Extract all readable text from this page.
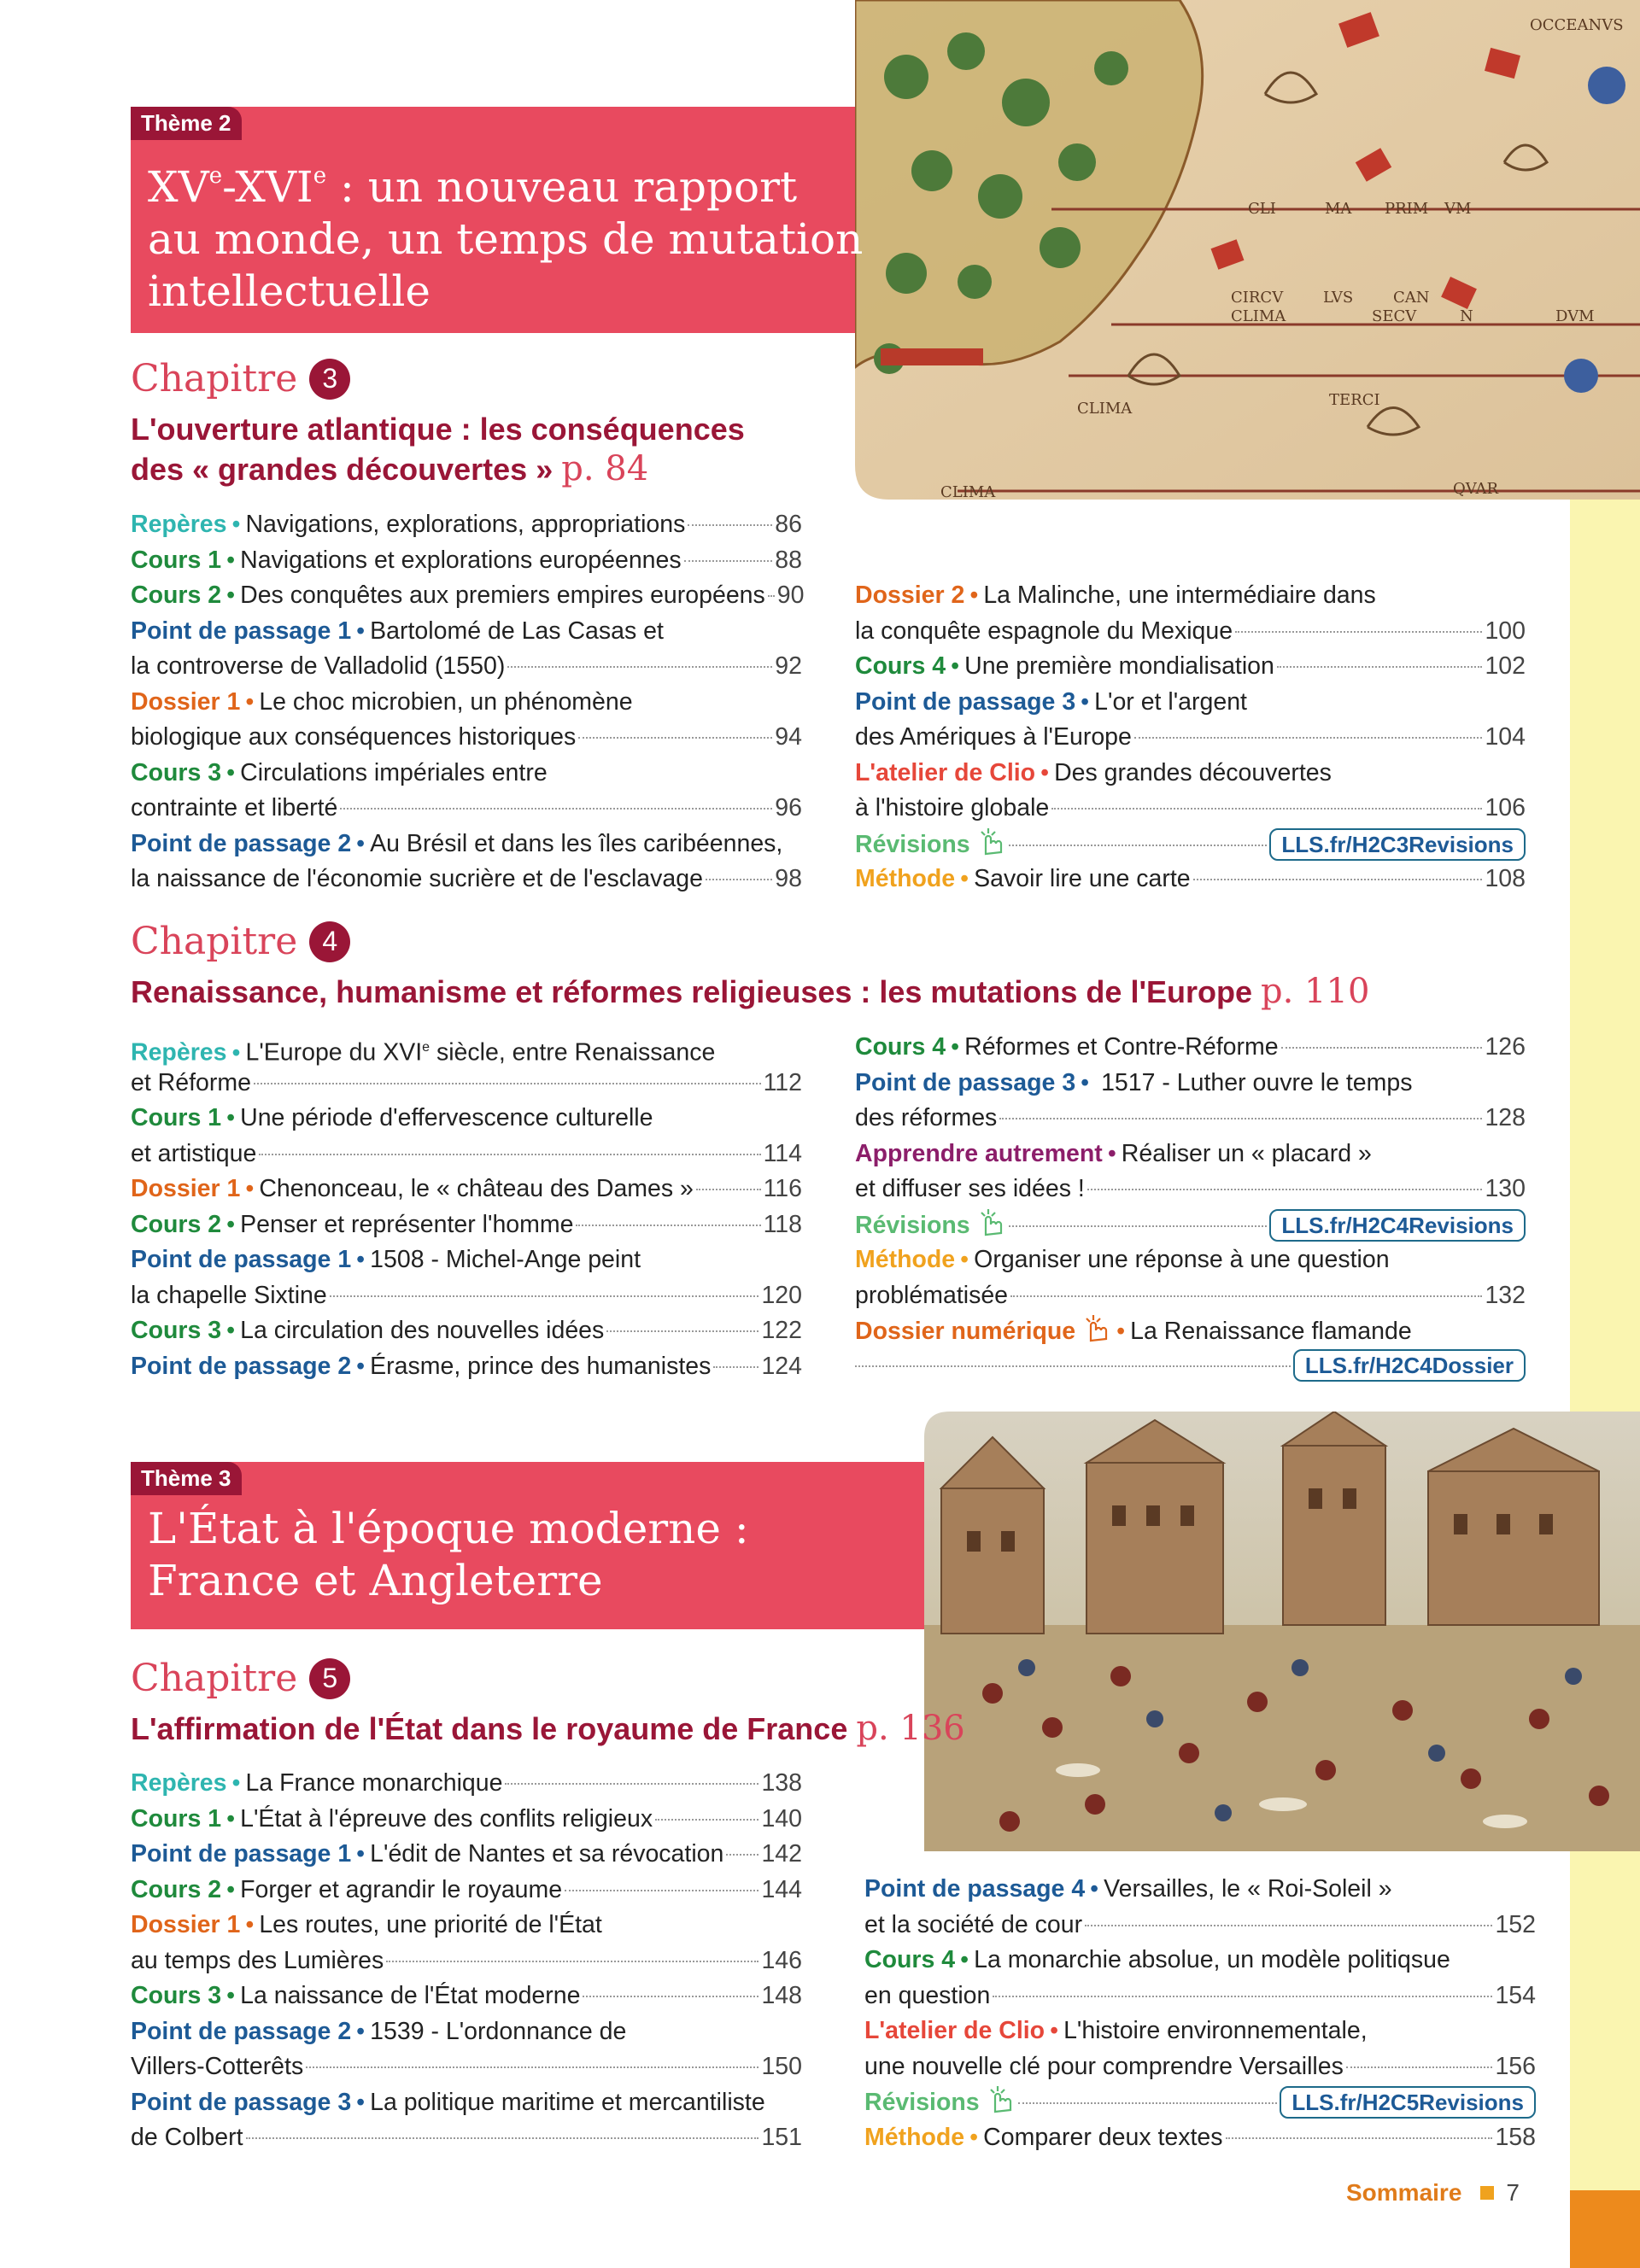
OCCEANVS
CLI	MA PRIM VM
CIRCV
CLIMA
LVS	CAN
SECV	N	DVM
CLIMA	TERCI
CLIMA	QVAR
Thème 2
XVe-XVIe : un nouveau rapport
au monde, un temps de mutation
intellectuelle
Chapitre 3
L'ouverture atlantique : les conséquences
des « grandes découvertes » p. 84
Repères • Navigations, explorations, appropriations	86
Cours 1 • Navigations et explorations européennes	88
Cours 2 • Des conquêtes aux premiers empires européens 90
Point de passage 1 • Bartolomé de Las Casas et
la controverse de Valladolid (1550)	92
Dossier 1 • Le choc microbien, un phénomène
biologique aux conséquences historiques	94
Cours 3 • Circulations impériales entre
contrainte et liberté	96
Point de passage 2 • Au Brésil et dans les îles caribéennes,
la naissance de l'économie sucrière et de l'esclavage	98
Dossier 2 • La Malinche, une intermédiaire dans
la conquête espagnole du Mexique	100
Cours 4 • Une première mondialisation	102
Point de passage 3 • L'or et l'argent
des Amériques à l'Europe	104
L'atelier de Clio • Des grandes découvertes
à l'histoire globale	106
Révisions	LLS.fr/H2C3Revisions
Méthode • Savoir lire une carte	108
Chapitre 4
Renaissance, humanisme et réformes religieuses : les mutations de l'Europe p. 110
Repères • L'Europe du XVIe siècle, entre Renaissance
et Réforme	112
Cours 1 • Une période d'effervescence culturelle
et artistique	114
Dossier 1 • Chenonceau, le « château des Dames »	116
Cours 2 • Penser et représenter l'homme	118
Point de passage 1 • 1508 - Michel-Ange peint
la chapelle Sixtine	120
Cours 3 • La circulation des nouvelles idées	122
Point de passage 2 • Érasme, prince des humanistes 124
Cours 4 • Réformes et Contre-Réforme	126
Point de passage 3 • 1517 - Luther ouvre le temps
des réformes	128
Apprendre autrement • Réaliser un « placard »
et diffuser ses idées !	130
Révisions	LLS.fr/H2C4Revisions
Méthode • Organiser une réponse à une question
problématisée	132
Dossier numérique • La Renaissance flamande
LLS.fr/H2C4Dossier
Thème 3
L'État à l'époque moderne :
France et Angleterre
Chapitre 5
L'affirmation de l'État dans le royaume de France p. 136
Repères • La France monarchique	138
Cours 1 • L'État à l'épreuve des conflits religieux	140
Point de passage 1 • L'édit de Nantes et sa révocation 142
Cours 2 • Forger et agrandir le royaume	144
Dossier 1 • Les routes, une priorité de l'État
au temps des Lumières	146
Cours 3 • La naissance de l'État moderne	148
Point de passage 2 • 1539 - L'ordonnance de
Villers-Cotterêts	150
Point de passage 3 • La politique maritime et mercantiliste
de Colbert	151
Point de passage 4 • Versailles, le « Roi-Soleil »
et la société de cour	152
Cours 4 • La monarchie absolue, un modèle politiqsue
en question	154
L'atelier de Clio • L'histoire environnementale,
une nouvelle clé pour comprendre Versailles	156
Révisions	LLS.fr/H2C5Revisions
Méthode • Comparer deux textes	158
Sommaire 7
